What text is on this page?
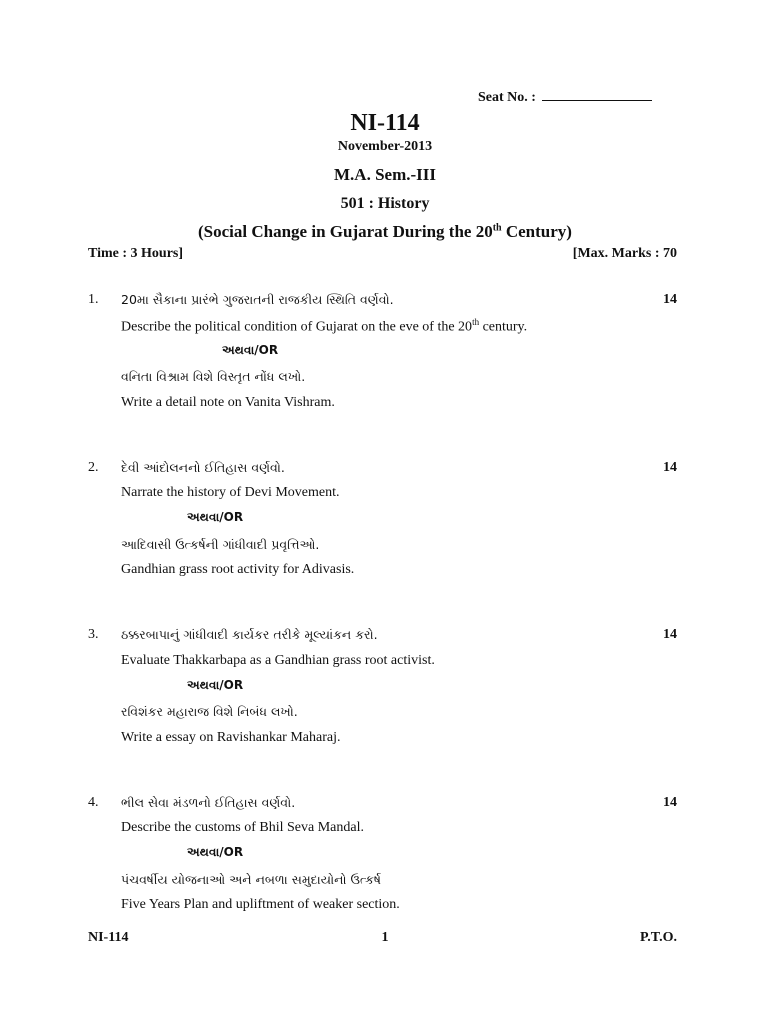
Seat No. :
NI-114
November-2013
M.A. Sem.-III
501 : History
(Social Change in Gujarat During the 20th Century)
Time : 3 Hours]	[Max. Marks : 70
1. 20મા સૈકાના પ્રારંભે ગુજરાતની રાજકીય સ્થિતિ વર્ણવો.	14
Describe the political condition of Gujarat on the eve of the 20th century.
અથવા/OR
વનિતા વિશ્રામ વિશે વિસ્તૃત નોંધ લખો.
Write a detail note on Vanita Vishram.
2. દેવી આંદોલનનો ઈતિહાસ વર્ણવો.	14
Narrate the history of Devi Movement.
અથવા/OR
આદિવાસી ઉત્કર્ષની ગાંધીવાદી પ્રવૃત્તિઓ.
Gandhian grass root activity for Adivasis.
3. ઠક્કરબાપાનું ગાંધીવાદી કાર્યકર તરીકે મૂલ્યાંકન કરો.	14
Evaluate Thakkarbapa as a Gandhian grass root activist.
અથવા/OR
રવિશંકર મહારાજ વિશે નિબંધ લખો.
Write a essay on Ravishankar Maharaj.
4. ભીલ સેવા મંડળનો ઈતિહાસ વર્ણવો.	14
Describe the customs of Bhil Seva Mandal.
અથવા/OR
પંચવર્ષીય યોજનાઓ અને નબળા સમુદાયોનો ઉત્કર્ષ
Five Years Plan and upliftment of weaker section.
NI-114	1	P.T.O.
